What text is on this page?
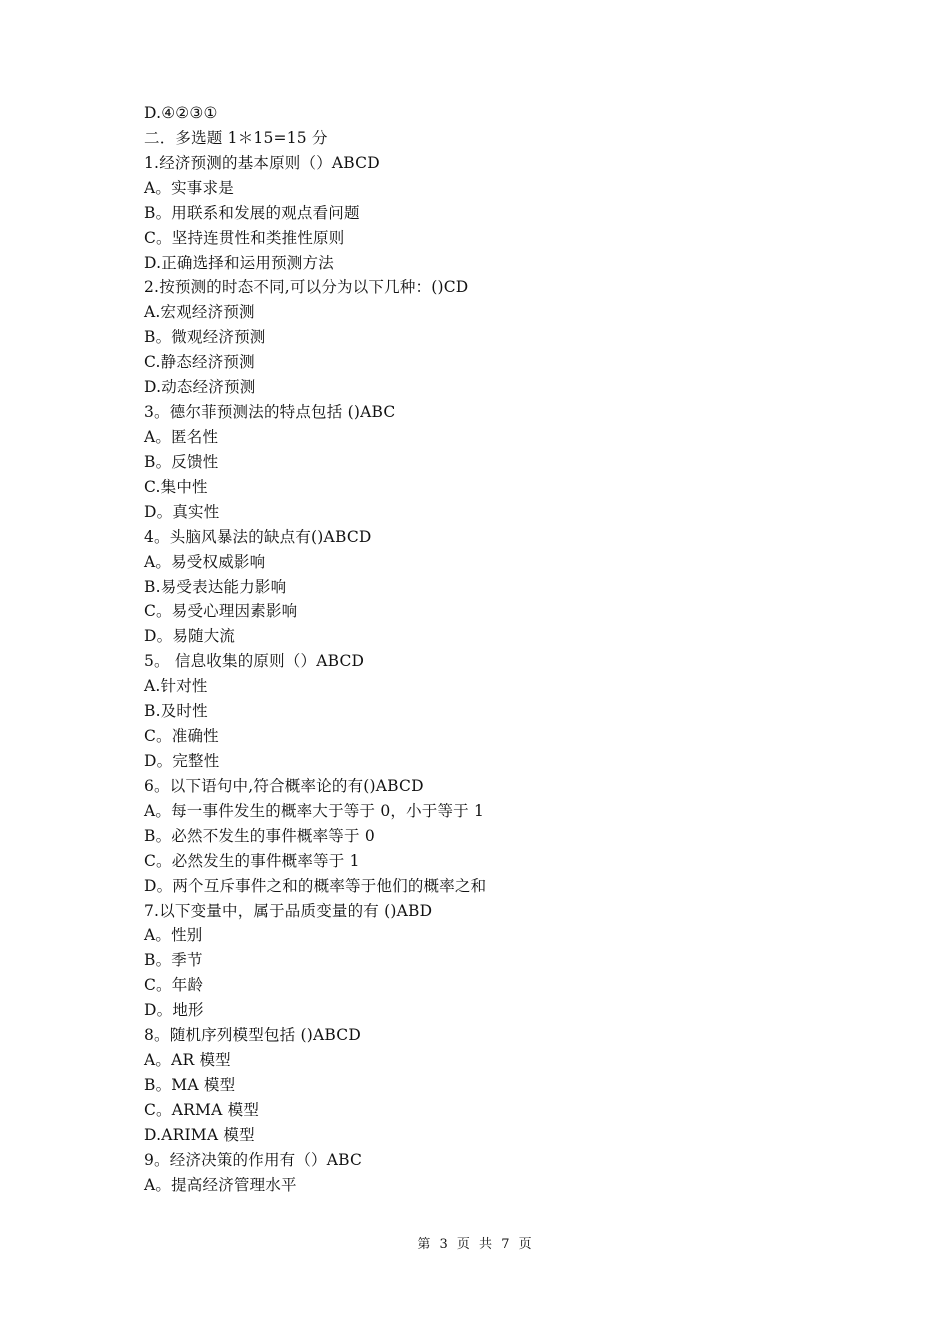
D.④②③①
二．多选题 1＊15=15 分
1.经济预测的基本原则（）ABCD
A。实事求是
B。用联系和发展的观点看问题
C。坚持连贯性和类推性原则
D.正确选择和运用预测方法
2.按预测的时态不同,可以分为以下几种：()CD
A.宏观经济预测
B。微观经济预测
C.静态经济预测
D.动态经济预测
3。德尔菲预测法的特点包括 ()ABC
A。匿名性
B。反馈性
C.集中性
D。真实性
4。头脑风暴法的缺点有()ABCD
A。易受权威影响
B.易受表达能力影响
C。易受心理因素影响
D。易随大流
5。 信息收集的原则（）ABCD
A.针对性
B.及时性
C。准确性
D。完整性
6。以下语句中,符合概率论的有()ABCD
A。每一事件发生的概率大于等于 0，小于等于 1
B。必然不发生的事件概率等于 0
C。必然发生的事件概率等于 1
D。两个互斥事件之和的概率等于他们的概率之和
7.以下变量中，属于品质变量的有 ()ABD
A。性别
B。季节
C。年龄
D。地形
8。随机序列模型包括 ()ABCD
A。AR 模型
B。MA 模型
C。ARMA 模型
D.ARIMA 模型
9。经济决策的作用有（）ABC
A。提高经济管理水平
第 3 页 共 7 页
